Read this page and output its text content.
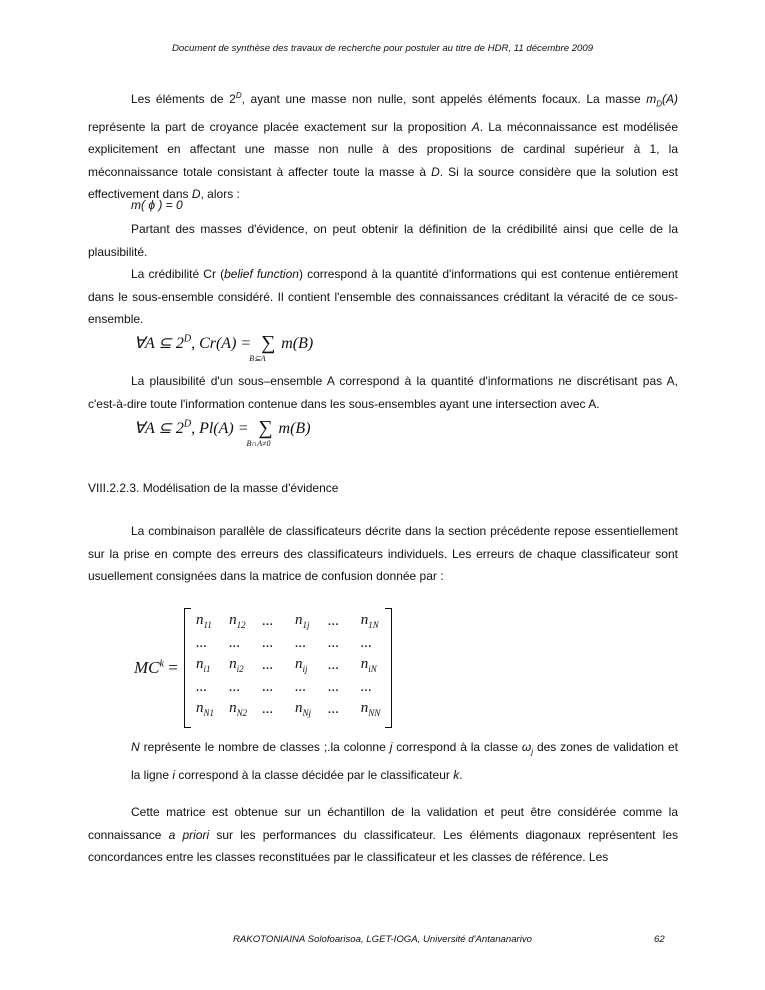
Document de synthèse des travaux de recherche pour postuler au titre de HDR, 11 décembre 2009

Les éléments de $2^D$, ayant une masse non nulle, sont appelés éléments focaux. La masse $m_D(A)$ représente la part de croyance placée exactement sur la proposition A. La méconnaissance est modélisée explicitement en affectant une masse non nulle à des propositions de cardinal supérieur à 1, la méconnaissance totale consistant à affecter toute la masse à D. Si la source considère que la solution est effectivement dans D, alors :

m( ϕ ) = 0

Partant des masses d'évidence, on peut obtenir la définition de la crédibilité ainsi que celle de la plausibilité.

La crédibilité Cr (belief function) correspond à la quantité d'informations qui est contenue entièrement dans le sous-ensemble considéré. Il contient l'ensemble des connaissances créditant la véracité de ce sous-ensemble.

∀A ⊆ $2^D$, Cr(A) = ∑
B⊆A
m(B)

La plausibilité d'un sous–ensemble A correspond à la quantité d'informations ne discrétisant pas A, c'est-à-dire toute l'information contenue dans les sous-ensembles ayant une intersection avec A.

∀A ⊆ $2^D$, Pl(A) = ∑
B∩A≠0
m(B)
VIII.2.2.3. Modélisation de la masse d'évidence

La combinaison parallèle de classificateurs décrite dans la section précédente repose essentiellement sur la prise en compte des erreurs des classificateurs individuels. Les erreurs de chaque classificateur sont usuellement consignées dans la matrice de confusion donnée par :

$MC^k$ =
$n_{11}$	$n_{12}$	...	$n_{1j}$	...	$n_{1N}$
...	...	...	...	...	...
$n_{i1}$	$n_{i2}$	...	$n_{ij}$	...	$n_{iN}$
...	...	...	...	...	...
$n_{N1}$	$n_{N2}$	...	$n_{Nj}$	...	$n_{NN}$

N représente le nombre de classes ;.la colonne j correspond à la classe $\omega_j$ des zones de validation et la ligne i correspond à la classe décidée par le classificateur k.

Cette matrice est obtenue sur un échantillon de la validation et peut être considérée comme la connaissance a priori sur les performances du classificateur. Les éléments diagonaux représentent les concordances entre les classes reconstituées par le classificateur et les classes de référence. Les

RAKOTONIAINA Solofoarisoa, LGET-IOGA, Université d'Antananarivo	62
